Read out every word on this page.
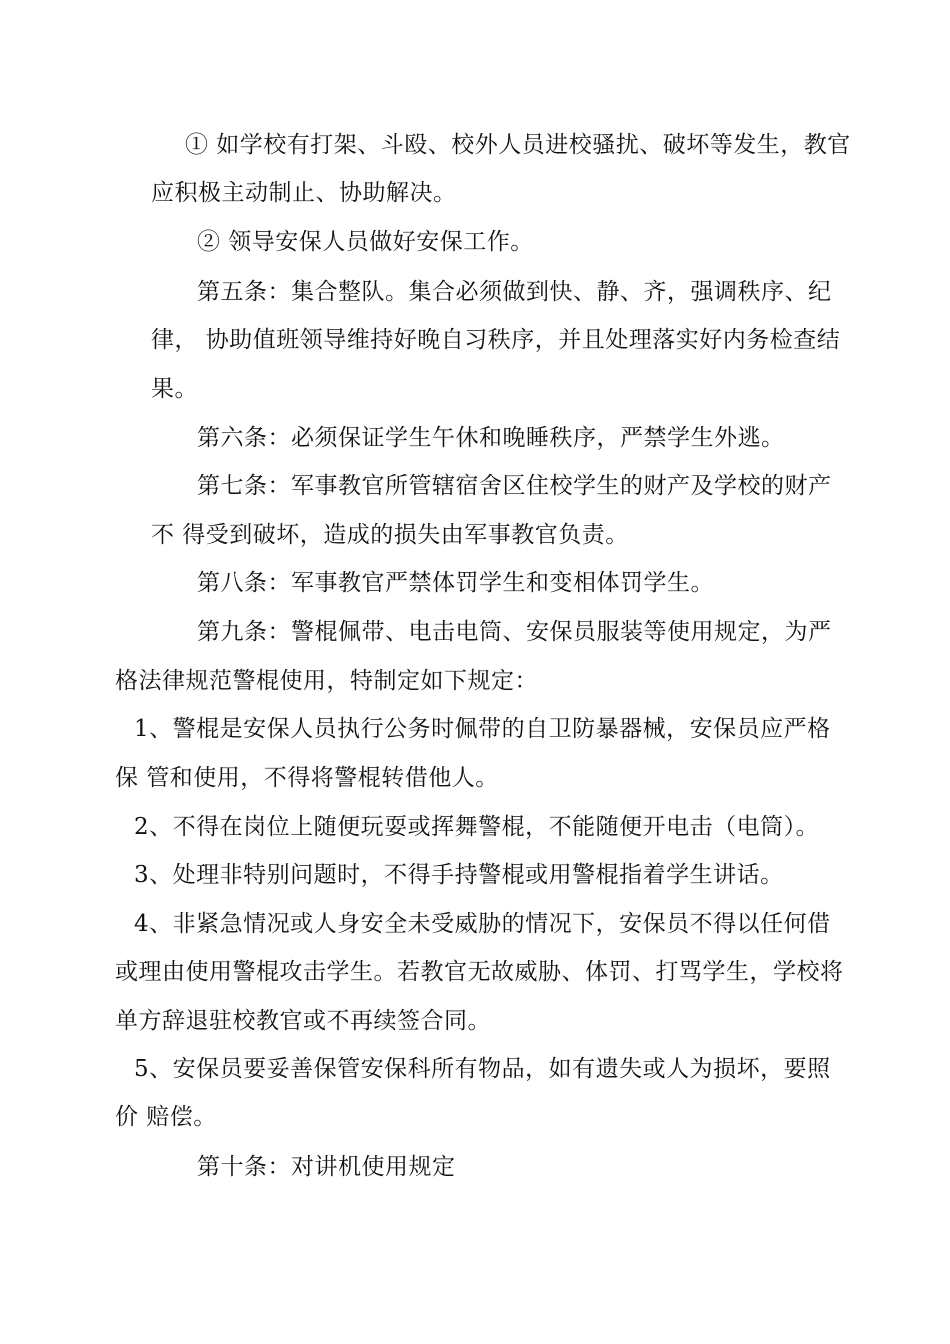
① 如学校有打架、斗殴、校外人员进校骚扰、破坏等发生，教官
应积极主动制止、协助解决。
② 领导安保人员做好安保工作。
第五条：集合整队。集合必须做到快、静、齐，强调秩序、纪
律， 协助值班领导维持好晚自习秩序，并且处理落实好内务检查结
果。
第六条：必须保证学生午休和晚睡秩序，严禁学生外逃。
第七条：军事教官所管辖宿舍区住校学生的财产及学校的财产
不 得受到破坏，造成的损失由军事教官负责。
第八条：军事教官严禁体罚学生和变相体罚学生。
第九条：警棍佩带、电击电筒、安保员服装等使用规定，为严
格法律规范警棍使用，特制定如下规定：
1、警棍是安保人员执行公务时佩带的自卫防暴器械，安保员应严格
保 管和使用，不得将警棍转借他人。
2、不得在岗位上随便玩耍或挥舞警棍，不能随便开电击（电筒）。
3、处理非特别问题时，不得手持警棍或用警棍指着学生讲话。
4、非紧急情况或人身安全未受威胁的情况下，安保员不得以任何借
或理由使用警棍攻击学生。若教官无故威胁、体罚、打骂学生，学校将
单方辞退驻校教官或不再续签合同。
5、安保员要妥善保管安保科所有物品，如有遗失或人为损坏，要照
价 赔偿。
第十条：对讲机使用规定
